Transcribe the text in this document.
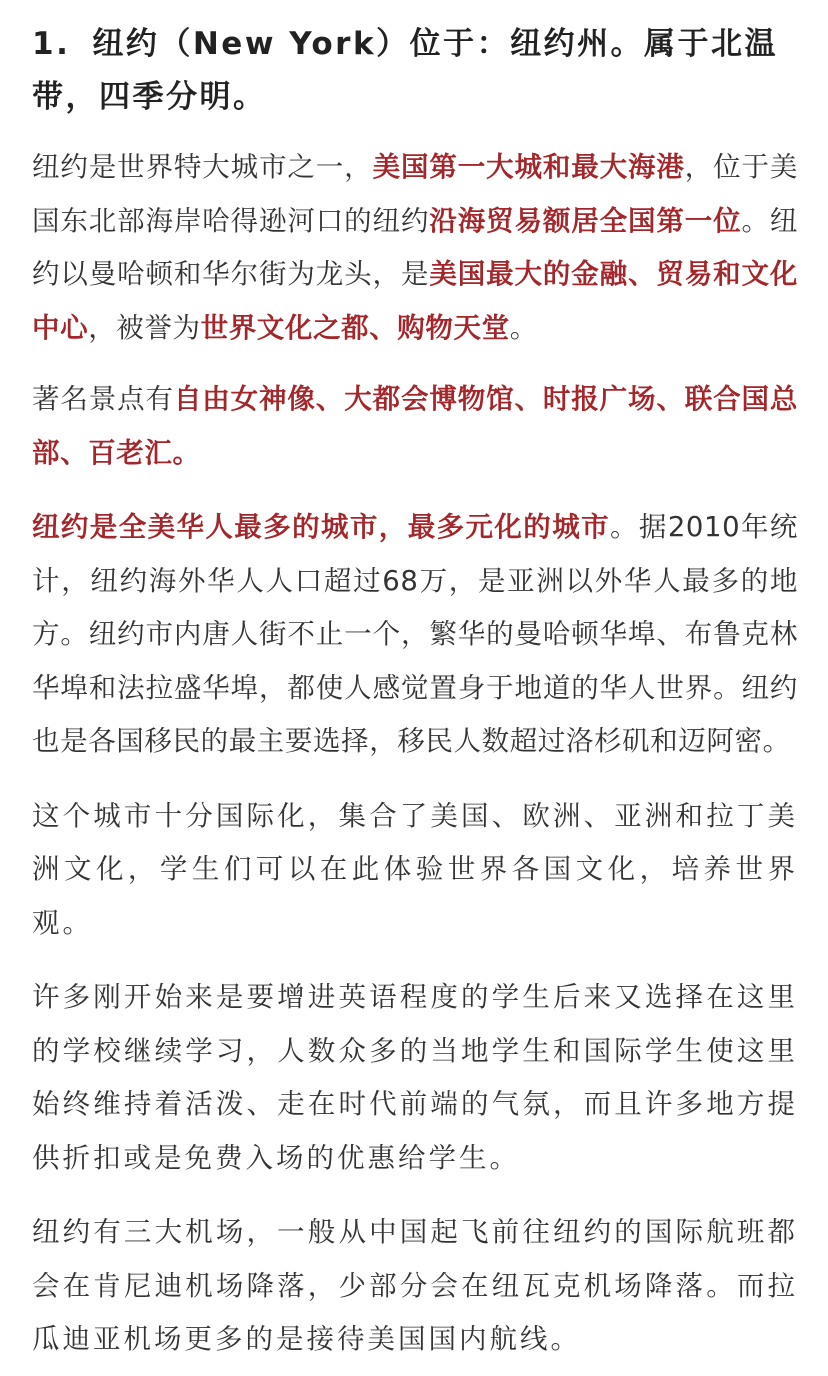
1. 纽约（New York）位于：纽约州。属于北温带，四季分明。

纽约是世界特大城市之一，美国第一大城和最大海港，位于美国东北部海岸哈得逊河口的纽约沿海贸易额居全国第一位。纽约以曼哈顿和华尔街为龙头，是美国最大的金融、贸易和文化中心，被誉为世界文化之都、购物天堂。

著名景点有自由女神像、大都会博物馆、时报广场、联合国总部、百老汇。

纽约是全美华人最多的城市，最多元化的城市。据2010年统计，纽约海外华人人口超过68万，是亚洲以外华人最多的地方。纽约市内唐人街不止一个，繁华的曼哈顿华埠、布鲁克林华埠和法拉盛华埠，都使人感觉置身于地道的华人世界。纽约也是各国移民的最主要选择，移民人数超过洛杉矶和迈阿密。

这个城市十分国际化，集合了美国、欧洲、亚洲和拉丁美洲文化，学生们可以在此体验世界各国文化，培养世界观。

许多刚开始来是要增进英语程度的学生后来又选择在这里的学校继续学习，人数众多的当地学生和国际学生使这里始终维持着活泼、走在时代前端的气氛，而且许多地方提供折扣或是免费入场的优惠给学生。

纽约有三大机场，一般从中国起飞前往纽约的国际航班都会在肯尼迪机场降落，少部分会在纽瓦克机场降落。而拉瓜迪亚机场更多的是接待美国国内航线。
